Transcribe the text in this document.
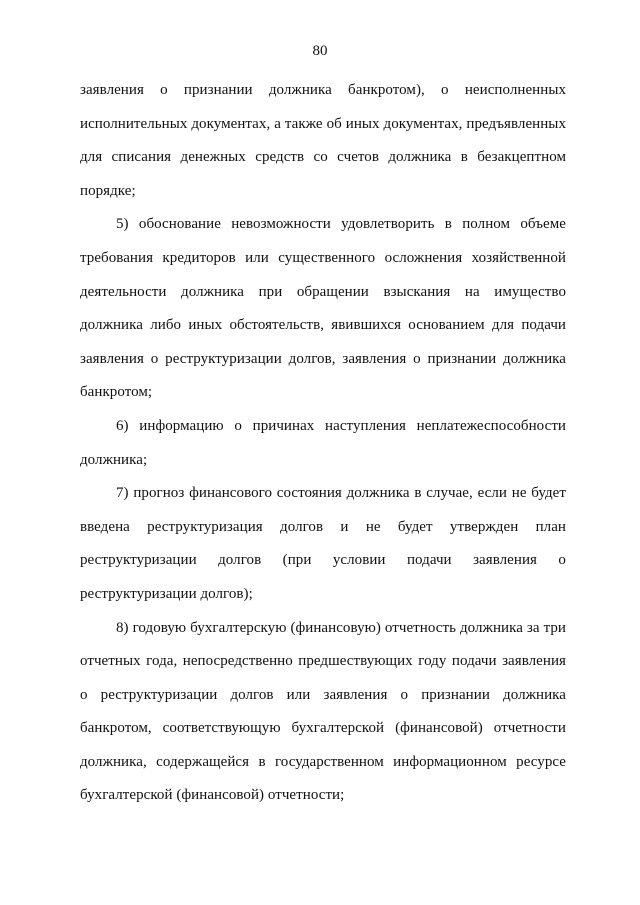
80

заявления о признании должника банкротом), о неисполненных исполнительных документах, а также об иных документах, предъявленных для списания денежных средств со счетов должника в безакцептном порядке;

5) обоснование невозможности удовлетворить в полном объеме требования кредиторов или существенного осложнения хозяйственной деятельности должника при обращении взыскания на имущество должника либо иных обстоятельств, явившихся основанием для подачи заявления о реструктуризации долгов, заявления о признании должника банкротом;

6) информацию о причинах наступления неплатежеспособности должника;

7) прогноз финансового состояния должника в случае, если не будет введена реструктуризация долгов и не будет утвержден план реструктуризации долгов (при условии подачи заявления о реструктуризации долгов);

8) годовую бухгалтерскую (финансовую) отчетность должника за три отчетных года, непосредственно предшествующих году подачи заявления о реструктуризации долгов или заявления о признании должника банкротом, соответствующую бухгалтерской (финансовой) отчетности должника, содержащейся в государственном информационном ресурсе бухгалтерской (финансовой) отчетности;
